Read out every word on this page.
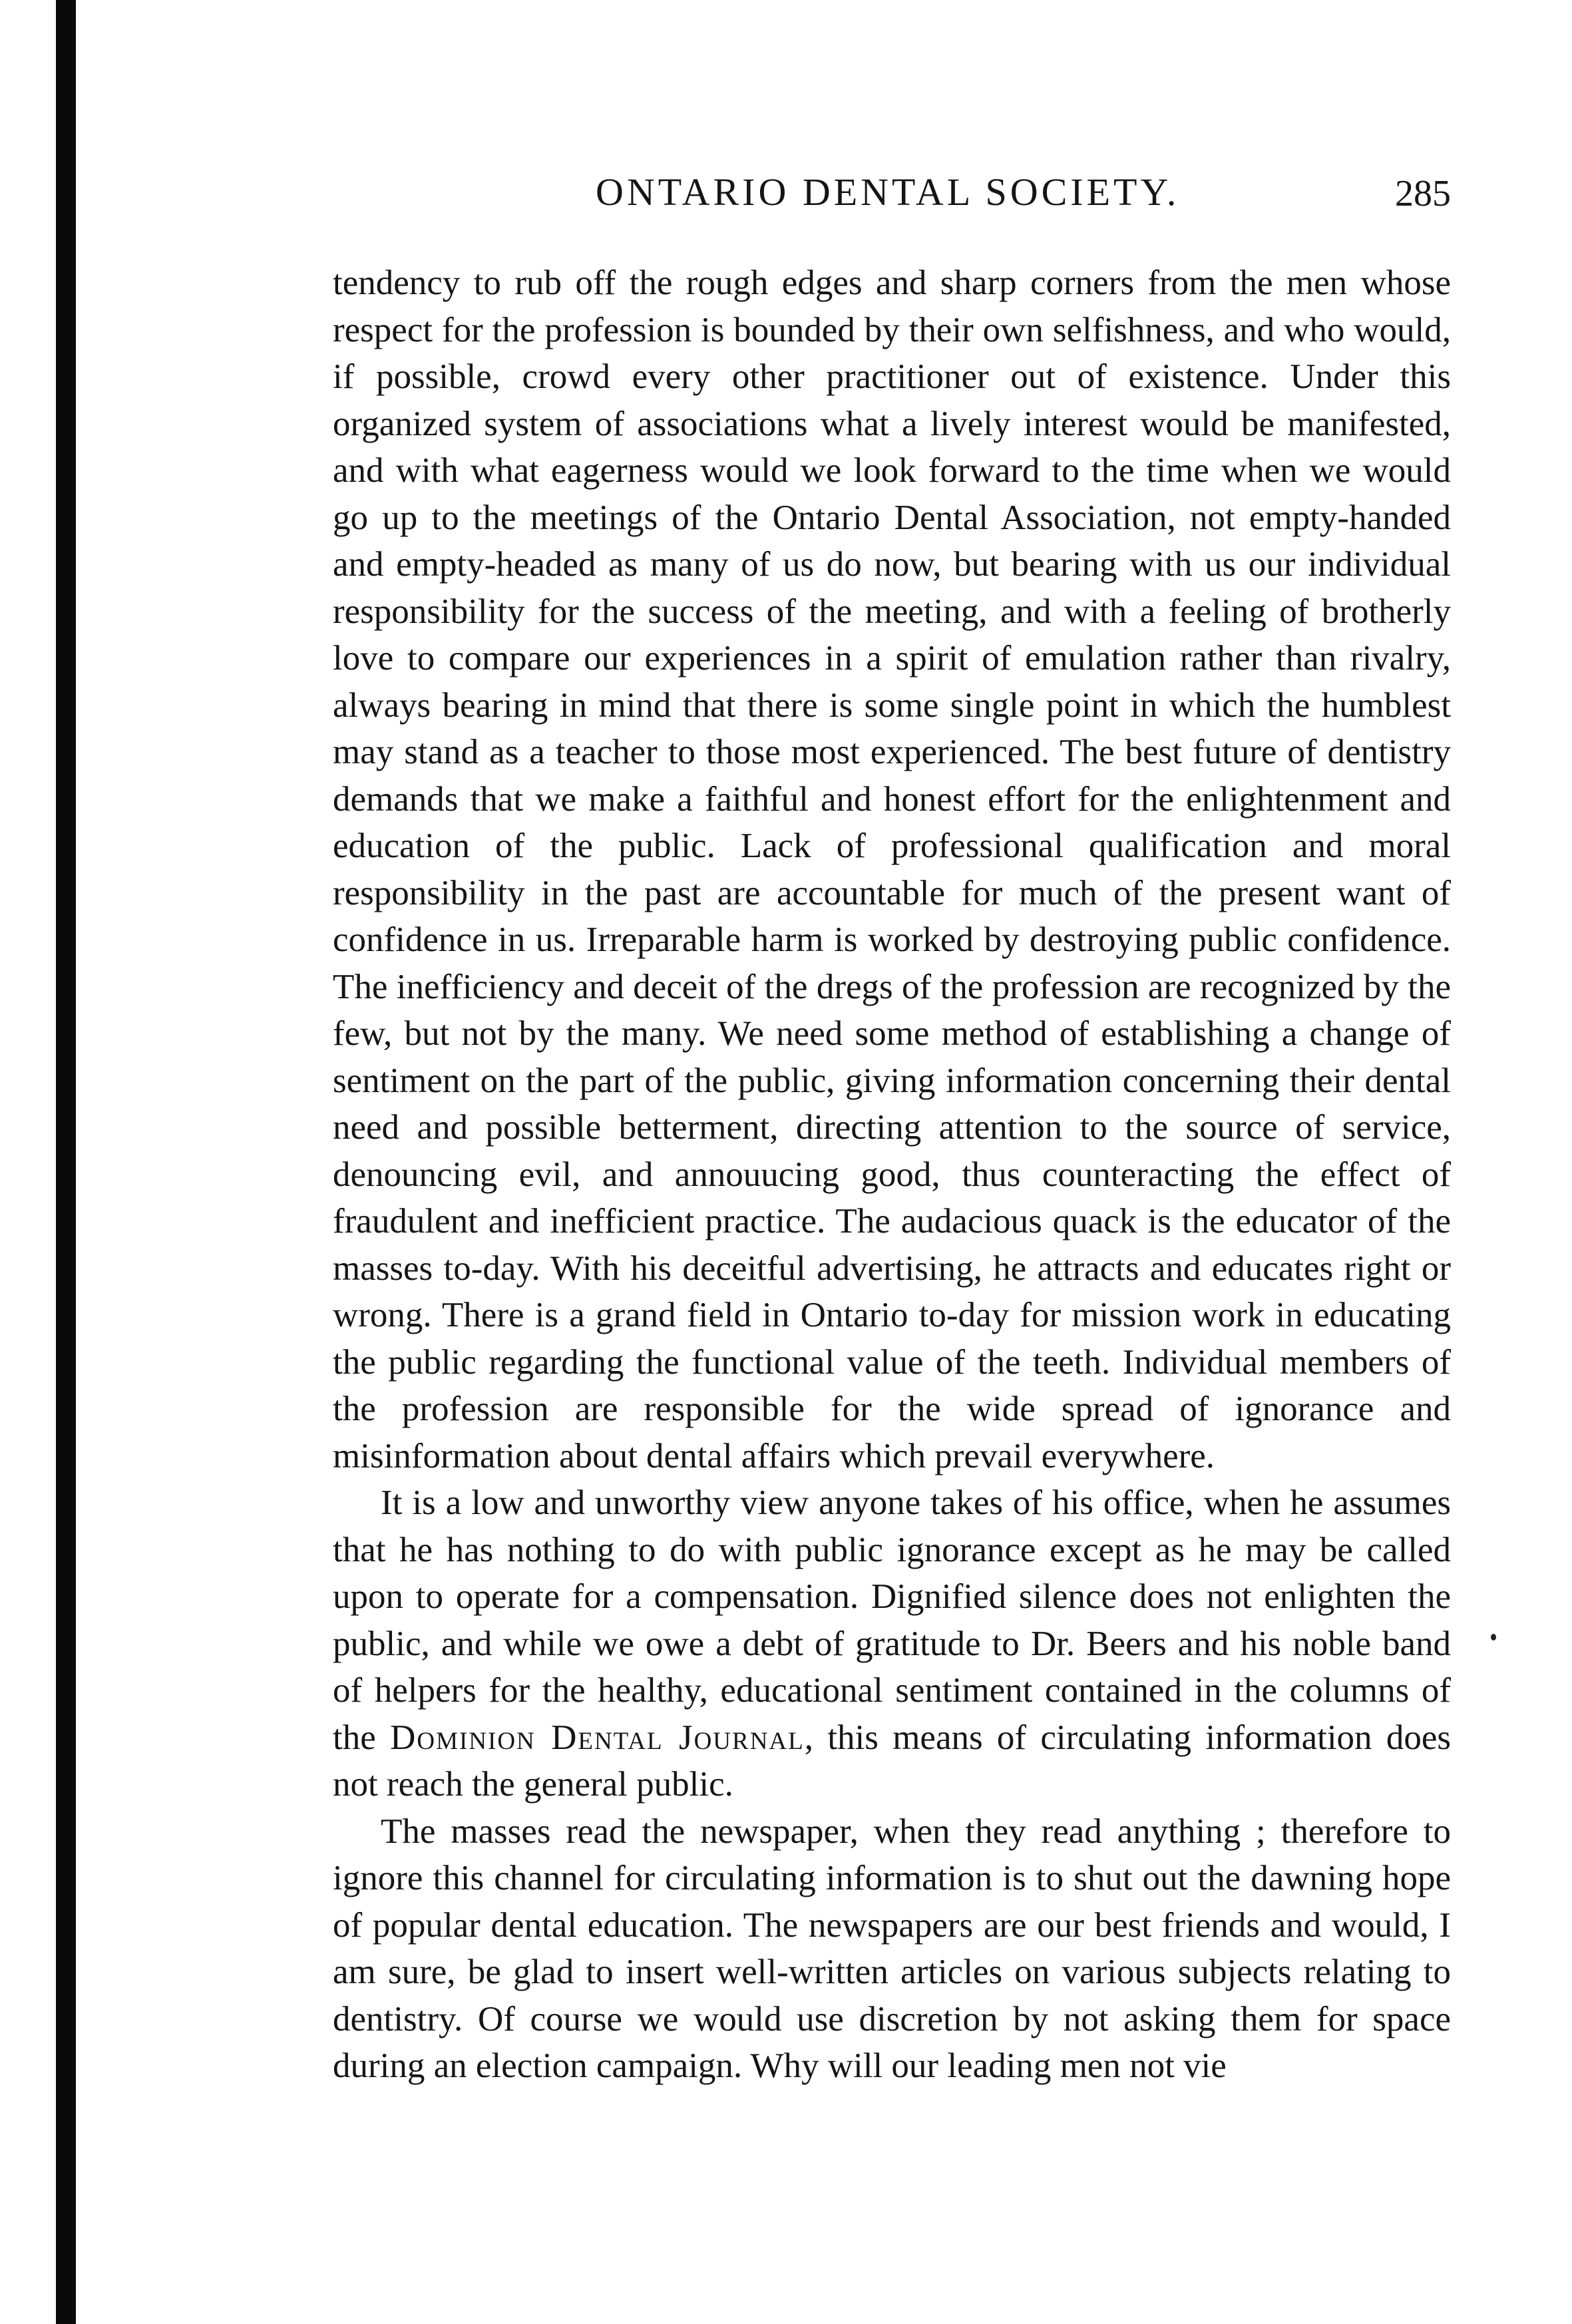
ONTARIO DENTAL SOCIETY.	285

tendency to rub off the rough edges and sharp corners from the men whose respect for the profession is bounded by their own selfishness, and who would, if possible, crowd every other practitioner out of existence. Under this organized system of associations what a lively interest would be manifested, and with what eagerness would we look forward to the time when we would go up to the meetings of the Ontario Dental Association, not empty-handed and empty-headed as many of us do now, but bearing with us our individual responsibility for the success of the meeting, and with a feeling of brotherly love to compare our experiences in a spirit of emulation rather than rivalry, always bearing in mind that there is some single point in which the humblest may stand as a teacher to those most experienced. The best future of dentistry demands that we make a faithful and honest effort for the enlightenment and education of the public. Lack of professional qualification and moral responsibility in the past are accountable for much of the present want of confidence in us. Irreparable harm is worked by destroying public confidence. The inefficiency and deceit of the dregs of the profession are recognized by the few, but not by the many. We need some method of establishing a change of sentiment on the part of the public, giving information concerning their dental need and possible betterment, directing attention to the source of service, denouncing evil, and annouucing good, thus counteracting the effect of fraudulent and inefficient practice. The audacious quack is the educator of the masses to-day. With his deceitful advertising, he attracts and educates right or wrong. There is a grand field in Ontario to-day for mission work in educating the public regarding the functional value of the teeth. Individual members of the profession are responsible for the wide spread of ignorance and misinformation about dental affairs which prevail everywhere.

It is a low and unworthy view anyone takes of his office, when he assumes that he has nothing to do with public ignorance except as he may be called upon to operate for a compensation. Dignified silence does not enlighten the public, and while we owe a debt of gratitude to Dr. Beers and his noble band of helpers for the healthy, educational sentiment contained in the columns of the Dominion Dental Journal, this means of circulating information does not reach the general public.

The masses read the newspaper, when they read anything ; therefore to ignore this channel for circulating information is to shut out the dawning hope of popular dental education. The newspapers are our best friends and would, I am sure, be glad to insert well-written articles on various subjects relating to dentistry. Of course we would use discretion by not asking them for space during an election campaign. Why will our leading men not vie
